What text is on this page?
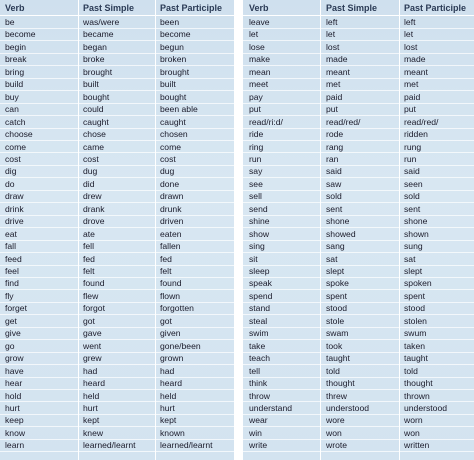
Verb	Past Simple	Past Participle
be	was/were	been
become	became	become
begin	began	begun
break	broke	broken
bring	brought	brought
build	built	built
buy	bought	bought
can	could	been able
catch	caught	caught
choose	chose	chosen
come	came	come
cost	cost	cost
dig	dug	dug
do	did	done
draw	drew	drawn
drink	drank	drunk
drive	drove	driven
eat	ate	eaten
fall	fell	fallen
feed	fed	fed
feel	felt	felt
find	found	found
fly	flew	flown
forget	forgot	forgotten
get	got	got
give	gave	given
go	went	gone/been
grow	grew	grown
have	had	had
hear	heard	heard
hold	held	held
hurt	hurt	hurt
keep	kept	kept
know	knew	known
learn	learned/learnt	learned/learnt
Verb	Past Simple	Past Participle
leave	left	left
let	let	let
lose	lost	lost
make	made	made
mean	meant	meant
meet	met	met
pay	paid	paid
put	put	put
read/ri:d/	read/red/	read/red/
ride	rode	ridden
ring	rang	rung
run	ran	run
say	said	said
see	saw	seen
sell	sold	sold
send	sent	sent
shine	shone	shone
show	showed	shown
sing	sang	sung
sit	sat	sat
sleep	slept	slept
speak	spoke	spoken
spend	spent	spent
stand	stood	stood
steal	stole	stolen
swim	swam	swum
take	took	taken
teach	taught	taught
tell	told	told
think	thought	thought
throw	threw	thrown
understand	understood	understood
wear	wore	worn
win	won	won
write	wrote	written
